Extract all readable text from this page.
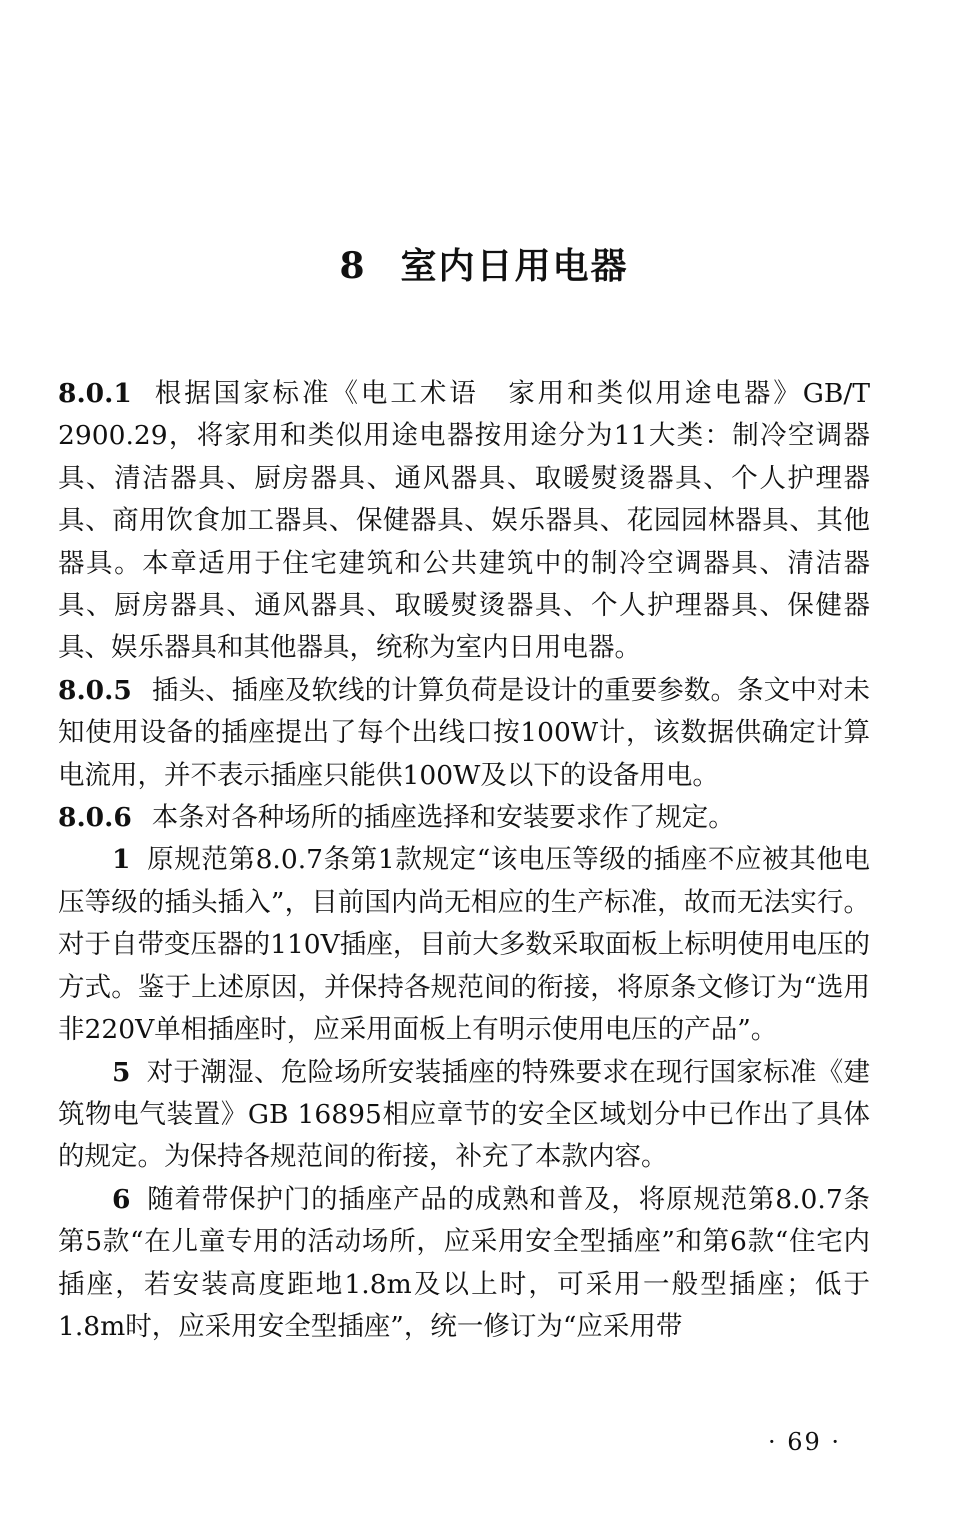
8 室内日用电器

8.0.1 根据国家标准《电工术语　家用和类似用途电器》GB/T 2900.29，将家用和类似用途电器按用途分为11大类：制冷空调器具、清洁器具、厨房器具、通风器具、取暖熨烫器具、个人护理器具、商用饮食加工器具、保健器具、娱乐器具、花园园林器具、其他器具。本章适用于住宅建筑和公共建筑中的制冷空调器具、清洁器具、厨房器具、通风器具、取暖熨烫器具、个人护理器具、保健器具、娱乐器具和其他器具，统称为室内日用电器。

8.0.5 插头、插座及软线的计算负荷是设计的重要参数。条文中对未知使用设备的插座提出了每个出线口按100W计，该数据供确定计算电流用，并不表示插座只能供100W及以下的设备用电。

8.0.6 本条对各种场所的插座选择和安装要求作了规定。

1 原规范第8.0.7条第1款规定“该电压等级的插座不应被其他电压等级的插头插入”，目前国内尚无相应的生产标准，故而无法实行。对于自带变压器的110V插座，目前大多数采取面板上标明使用电压的方式。鉴于上述原因，并保持各规范间的衔接，将原条文修订为“选用非220V单相插座时，应采用面板上有明示使用电压的产品”。

5 对于潮湿、危险场所安装插座的特殊要求在现行国家标准《建筑物电气装置》GB 16895相应章节的安全区域划分中已作出了具体的规定。为保持各规范间的衔接，补充了本款内容。

6 随着带保护门的插座产品的成熟和普及，将原规范第8.0.7条第5款“在儿童专用的活动场所，应采用安全型插座”和第6款“住宅内插座，若安装高度距地1.8m及以上时，可采用一般型插座；低于1.8m时，应采用安全型插座”，统一修订为“应采用带

· 69 ·
